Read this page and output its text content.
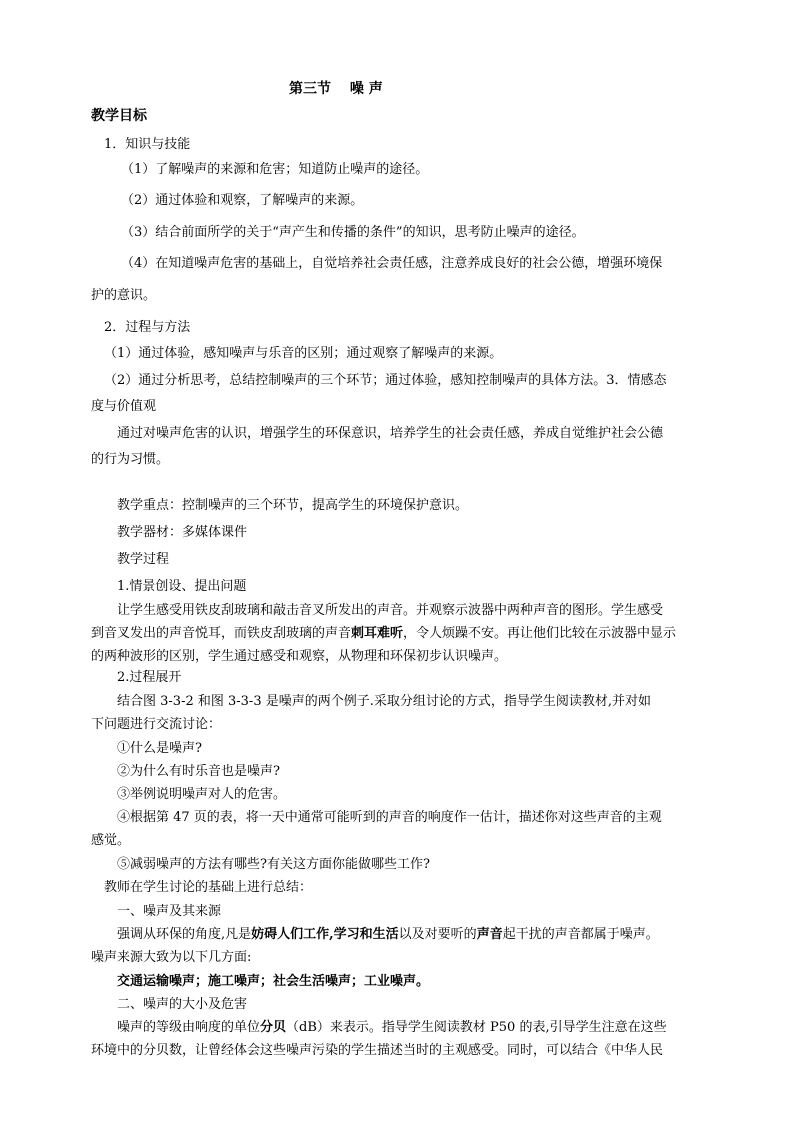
第三节　 噪 声
教学目标
1．知识与技能
（1）了解噪声的来源和危害；知道防止噪声的途径。
（2）通过体验和观察，了解噪声的来源。
（3）结合前面所学的关于“声产生和传播的条件”的知识，思考防止噪声的途径。
（4）在知道噪声危害的基础上，自觉培养社会责任感，注意养成良好的社会公德，增强环境保
护的意识。
2．过程与方法
（1）通过体验，感知噪声与乐音的区别；通过观察了解噪声的来源。
（2）通过分析思考，总结控制噪声的三个环节；通过体验，感知控制噪声的具体方法。3．情感态
度与价值观
通过对噪声危害的认识，增强学生的环保意识，培养学生的社会责任感，养成自觉维护社会公德
的行为习惯。
教学重点：控制噪声的三个环节，提高学生的环境保护意识。
教学器材：多媒体课件
教学过程
1.情景创设、提出问题
让学生感受用铁皮刮玻璃和敲击音叉所发出的声音。并观察示波器中两种声音的图形。学生感受
到音叉发出的声音悦耳，而铁皮刮玻璃的声音刺耳难听，令人烦躁不安。再让他们比较在示波器中显示
的两种波形的区别，学生通过感受和观察，从物理和环保初步认识噪声。
2.过程展开
结合图 3-3-2 和图 3-3-3 是噪声的两个例子.采取分组讨论的方式，指导学生阅读教材,并对如
下问题进行交流讨论：
①什么是噪声?
②为什么有时乐音也是噪声?
③举例说明噪声对人的危害。
④根据第 47 页的表，将一天中通常可能听到的声音的响度作一估计，描述你对这些声音的主观
感觉。
⑤减弱噪声的方法有哪些?有关这方面你能做哪些工作?
教师在学生讨论的基础上进行总结：
一、噪声及其来源
强调从环保的角度,凡是妨碍人们工作,学习和生活以及对要听的声音起干扰的声音都属于噪声。
噪声来源大致为以下几方面:
交通运输噪声；施工噪声；社会生活噪声；工业噪声。
二、噪声的大小及危害
噪声的等级由响度的单位分贝（dB）来表示。指导学生阅读教材 P50 的表,引导学生注意在这些
环境中的分贝数，让曾经体会这些噪声污染的学生描述当时的主观感受。同时，可以结合《中华人民
